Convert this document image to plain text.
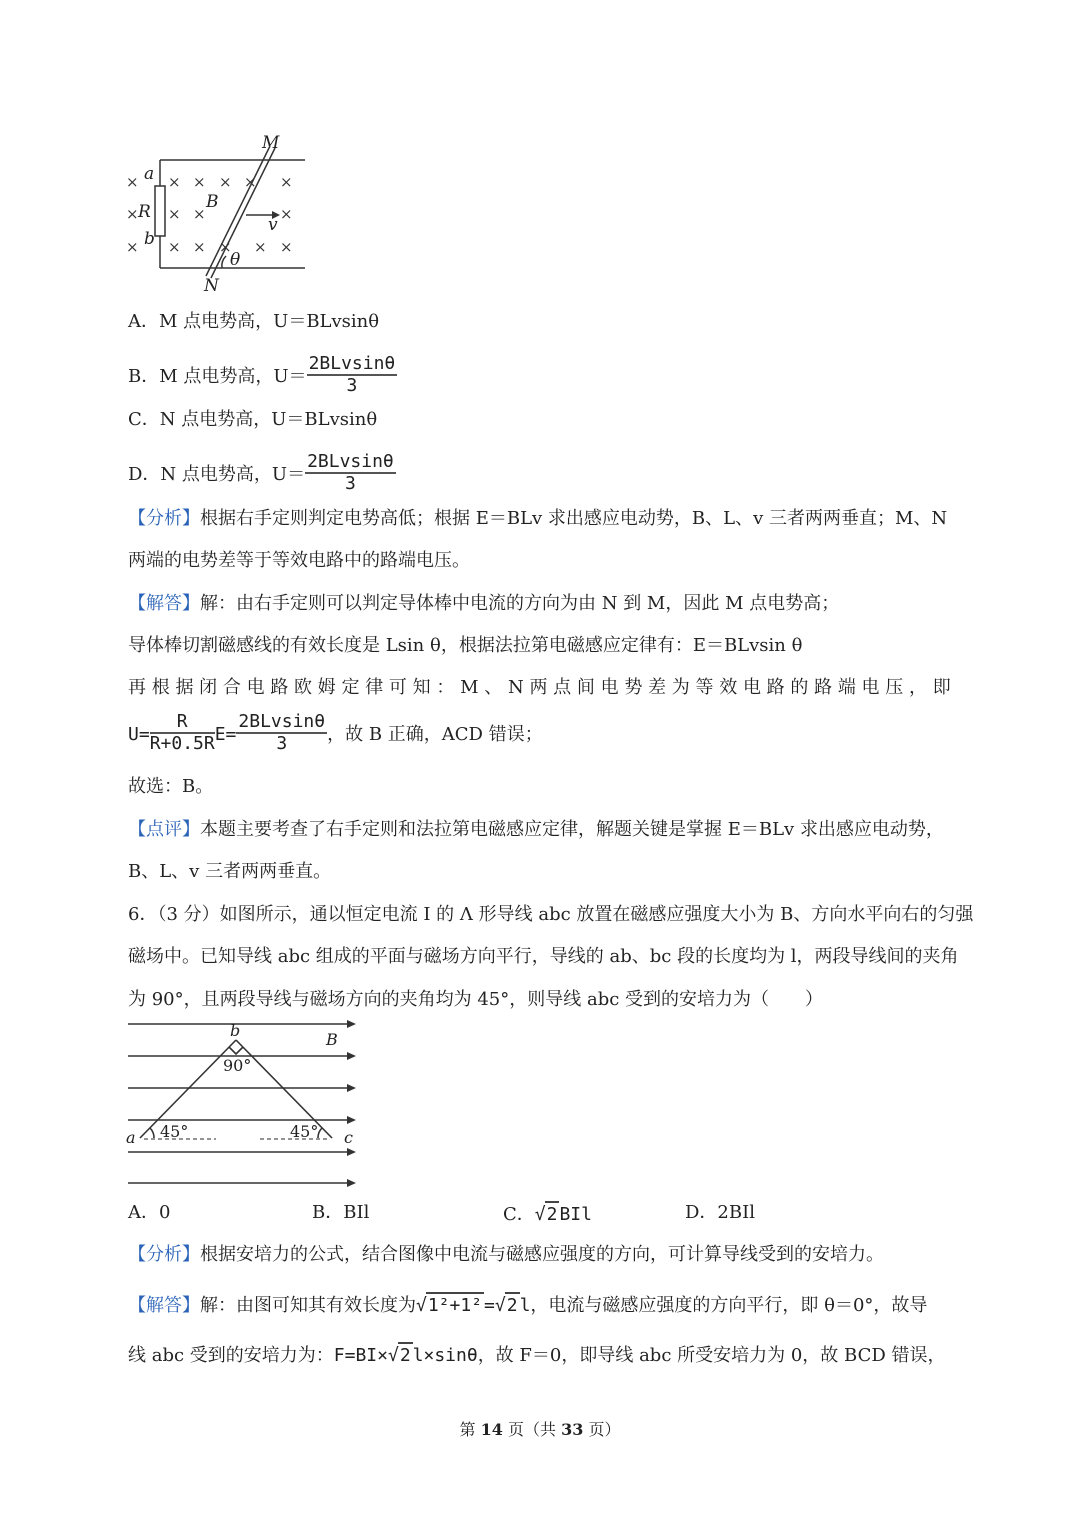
× × × × × ×
× × ×	×
× × × × × ×
M
a
R
b
B
v
θ
N
A．M 点电势高，U＝BLvsinθ
B．M 点电势高，$U= \frac{\text{2BLvsinθ}}{3}$
C．N 点电势高，U＝BLvsinθ
D．N 点电势高，$U= \frac{\text{2BLvsinθ}}{3}$
【分析】根据右手定则判定电势高低；根据 E＝BLv 求出感应电动势，B、L、v 三者两两垂直；M、N
两端的电势差等于等效电路中的路端电压。
【解答】解：由右手定则可以判定导体棒中电流的方向为由 N 到 M，因此 M 点电势高；
导体棒切割磁感线的有效长度是 Lsin θ，根据法拉第电磁感应定律有：E＝BLvsin θ
再 根 据 闭 合 电 路 欧 姆 定 律 可 知 ： M 、 N 两 点 间 电 势 差 为 等 效 电 路 的 路 端 电 压 ， 即
$U= \frac{R}{R+0.5R} E= \frac{\text{2BLvsinθ}}{3}$ ，故 B 正确，ACD 错误；
故选：B。
【点评】本题主要考查了右手定则和法拉第电磁感应定律，解题关键是掌握 E＝BLv 求出感应电动势，
B、L、v 三者两两垂直。
6．（3 分）如图所示，通以恒定电流 I 的 Λ 形导线 abc 放置在磁感应强度大小为 B、方向水平向右的匀强
磁场中。已知导线 abc 组成的平面与磁场方向平行，导线的 ab、bc 段的长度均为 l，两段导线间的夹角
为 90°，且两段导线与磁场方向的夹角均为 45°，则导线 abc 受到的安培力为（　　）
b	B
90°
45°	45°
a	c
A．0	B．BIl	C．√2 BIl	D．2BIl
【分析】根据安培力的公式，结合图像中电流与磁感应强度的方向，可计算导线受到的安培力。
【解答】解：由图可知其有效长度为√1²+1² =√2 l，电流与磁感应强度的方向平行，即 θ＝0°，故导
线 abc 受到的安培力为：F=BI×√2 l×sinθ，故 F＝0，即导线 abc 所受安培力为 0，故 BCD 错误，
第 14 页（共 33 页）
